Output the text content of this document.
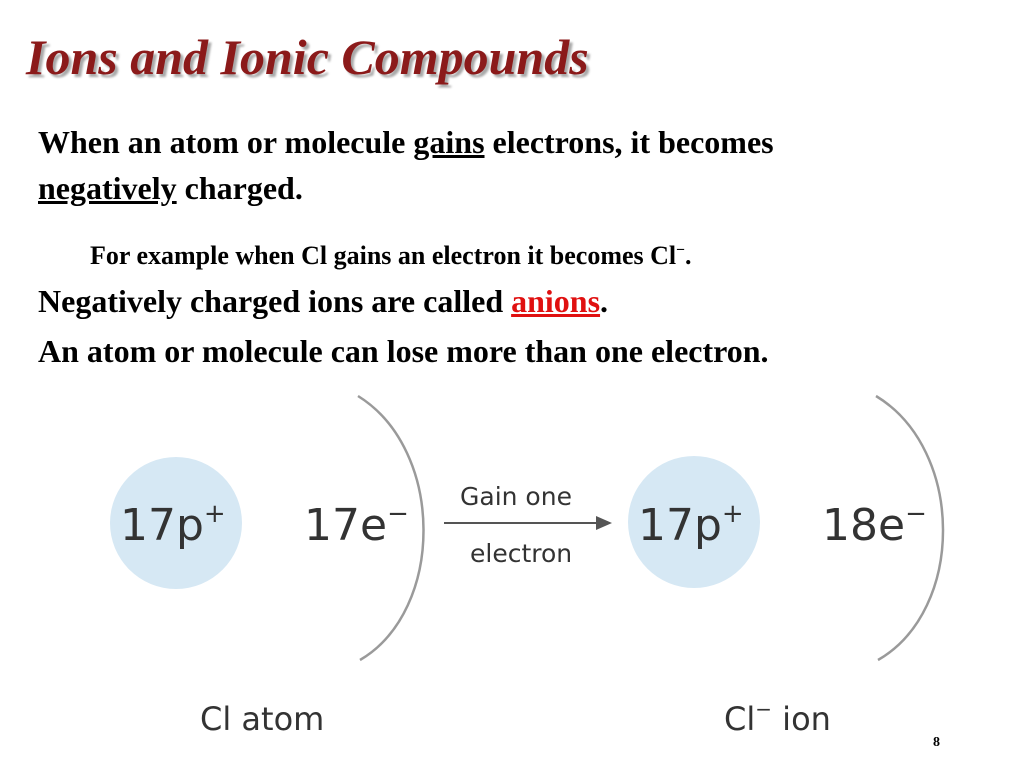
Ions and Ionic Compounds
When an atom or molecule gains electrons, it becomes
negatively charged.
For example when Cl gains an electron it becomes Cl−.
Negatively charged ions are called anions.
An atom or molecule can lose more than one electron.
17p+ 17e−
Gain one
electron
17p+ 18e−
Cl atom	Cl− ion
8
